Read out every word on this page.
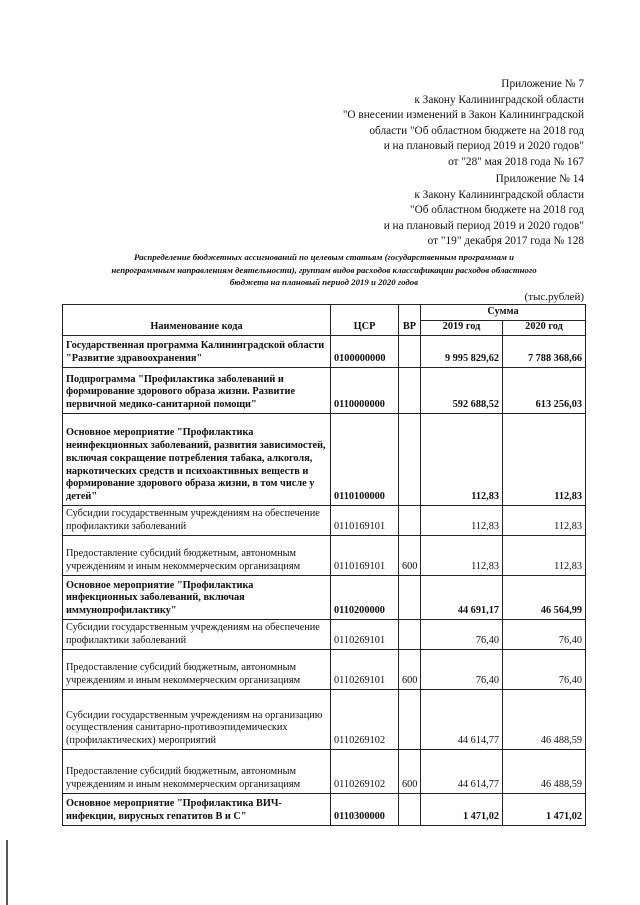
Приложение № 7
к Закону Калининградской области
"О внесении изменений в Закон Калининградской
области "Об областном бюджете на 2018 год
и на плановый период 2019 и 2020 годов"
от "28" мая 2018 года № 167
Приложение № 14
к Закону Калининградской области
"Об областном бюджете на 2018 год
и на плановый период 2019 и 2020 годов"
от "19" декабря 2017 года № 128
Распределение бюджетных ассигнований по целевым статьям (государственным программам и
непрограммным направлениям деятельности), группам видов расходов классификации расходов областного
бюджета на плановый период 2019 и 2020 годов
(тыс.рублей)
Наименование кода	ЦСР	ВР	Сумма	
			2019 год	2020 год
Государственная программа Калининградской области "Развитие здравоохранения"	0100000000		9 995 829,62	7 788 368,66
Подпрограмма "Профилактика заболеваний и формирование здорового образа жизни. Развитие первичной медико-санитарной помощи"	0110000000		592 688,52	613 256,03
Основное мероприятие "Профилактика неинфекционных заболеваний, развития зависимостей, включая сокращение потребления табака, алкоголя, наркотических средств и психоактивных веществ и формирование здорового образа жизни, в том числе у детей"	0110100000		112,83	112,83
Субсидии государственным учреждениям на обеспечение профилактики заболеваний	0110169101		112,83	112,83
Предоставление субсидий бюджетным, автономным учреждениям и иным некоммерческим организациям	0110169101	600	112,83	112,83
Основное мероприятие "Профилактика инфекционных заболеваний, включая иммунопрофилактику"	0110200000		44 691,17	46 564,99
Субсидии государственным учреждениям на обеспечение профилактики заболеваний	0110269101		76,40	76,40
Предоставление субсидий бюджетным, автономным учреждениям и иным некоммерческим организациям	0110269101	600	76,40	76,40
Субсидии государственным учреждениям на организацию осуществления санитарно-противоэпидемических (профилактических) мероприятий	0110269102		44 614,77	46 488,59
Предоставление субсидий бюджетным, автономным учреждениям и иным некоммерческим организациям	0110269102	600	44 614,77	46 488,59
Основное мероприятие "Профилактика ВИЧ-инфекции, вирусных гепатитов В и С"	0110300000		1 471,02	1 471,02
